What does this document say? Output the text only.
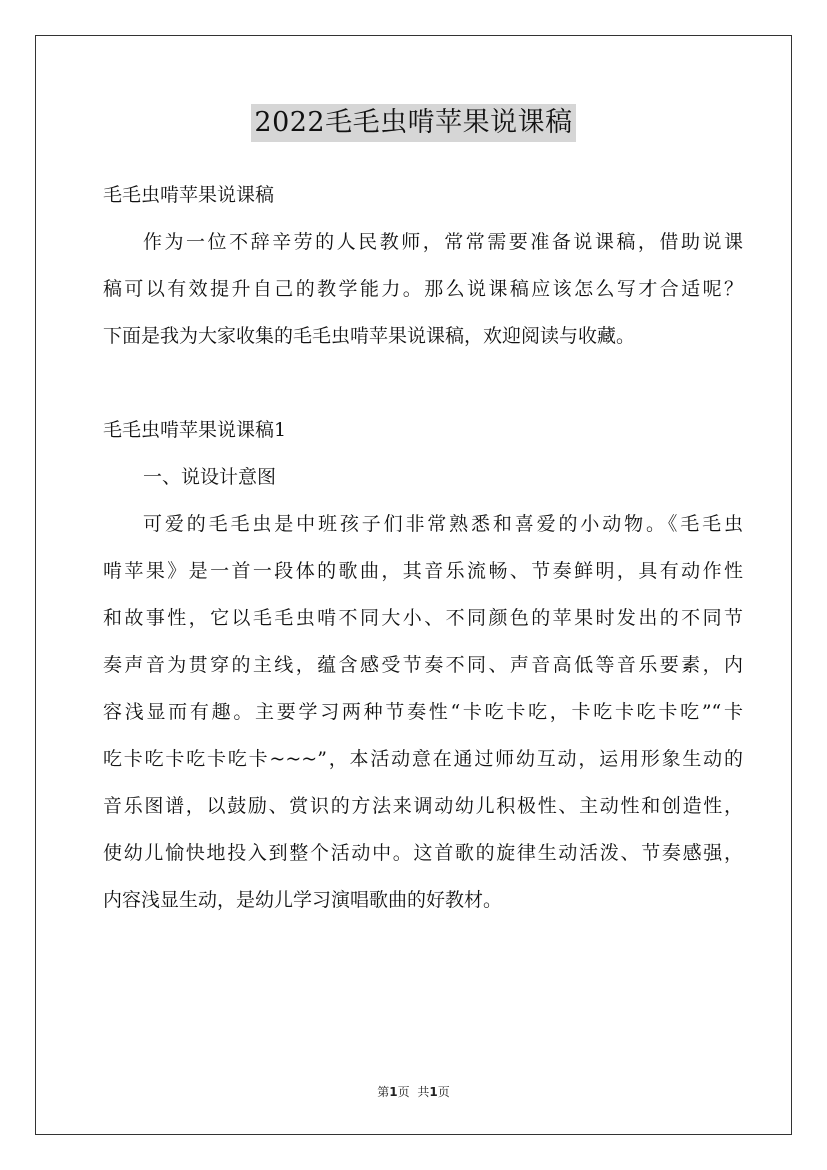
2022毛毛虫啃苹果说课稿
毛毛虫啃苹果说课稿
作为一位不辞辛劳的人民教师，常常需要准备说课稿，借助说课
稿可以有效提升自己的教学能力。那么说课稿应该怎么写才合适呢？
下面是我为大家收集的毛毛虫啃苹果说课稿，欢迎阅读与收藏。
毛毛虫啃苹果说课稿1
一、说设计意图
可爱的毛毛虫是中班孩子们非常熟悉和喜爱的小动物。《毛毛虫
啃苹果》是一首一段体的歌曲，其音乐流畅、节奏鲜明，具有动作性
和故事性，它以毛毛虫啃不同大小、不同颜色的苹果时发出的不同节
奏声音为贯穿的主线，蕴含感受节奏不同、声音高低等音乐要素，内
容浅显而有趣。主要学习两种节奏性“卡吃卡吃，卡吃卡吃卡吃”“卡
吃卡吃卡吃卡吃卡~~~”，本活动意在通过师幼互动，运用形象生动的
音乐图谱，以鼓励、赏识的方法来调动幼儿积极性、主动性和创造性，
使幼儿愉快地投入到整个活动中。这首歌的旋律生动活泼、节奏感强，
内容浅显生动，是幼儿学习演唱歌曲的好教材。
第1页 共1页
